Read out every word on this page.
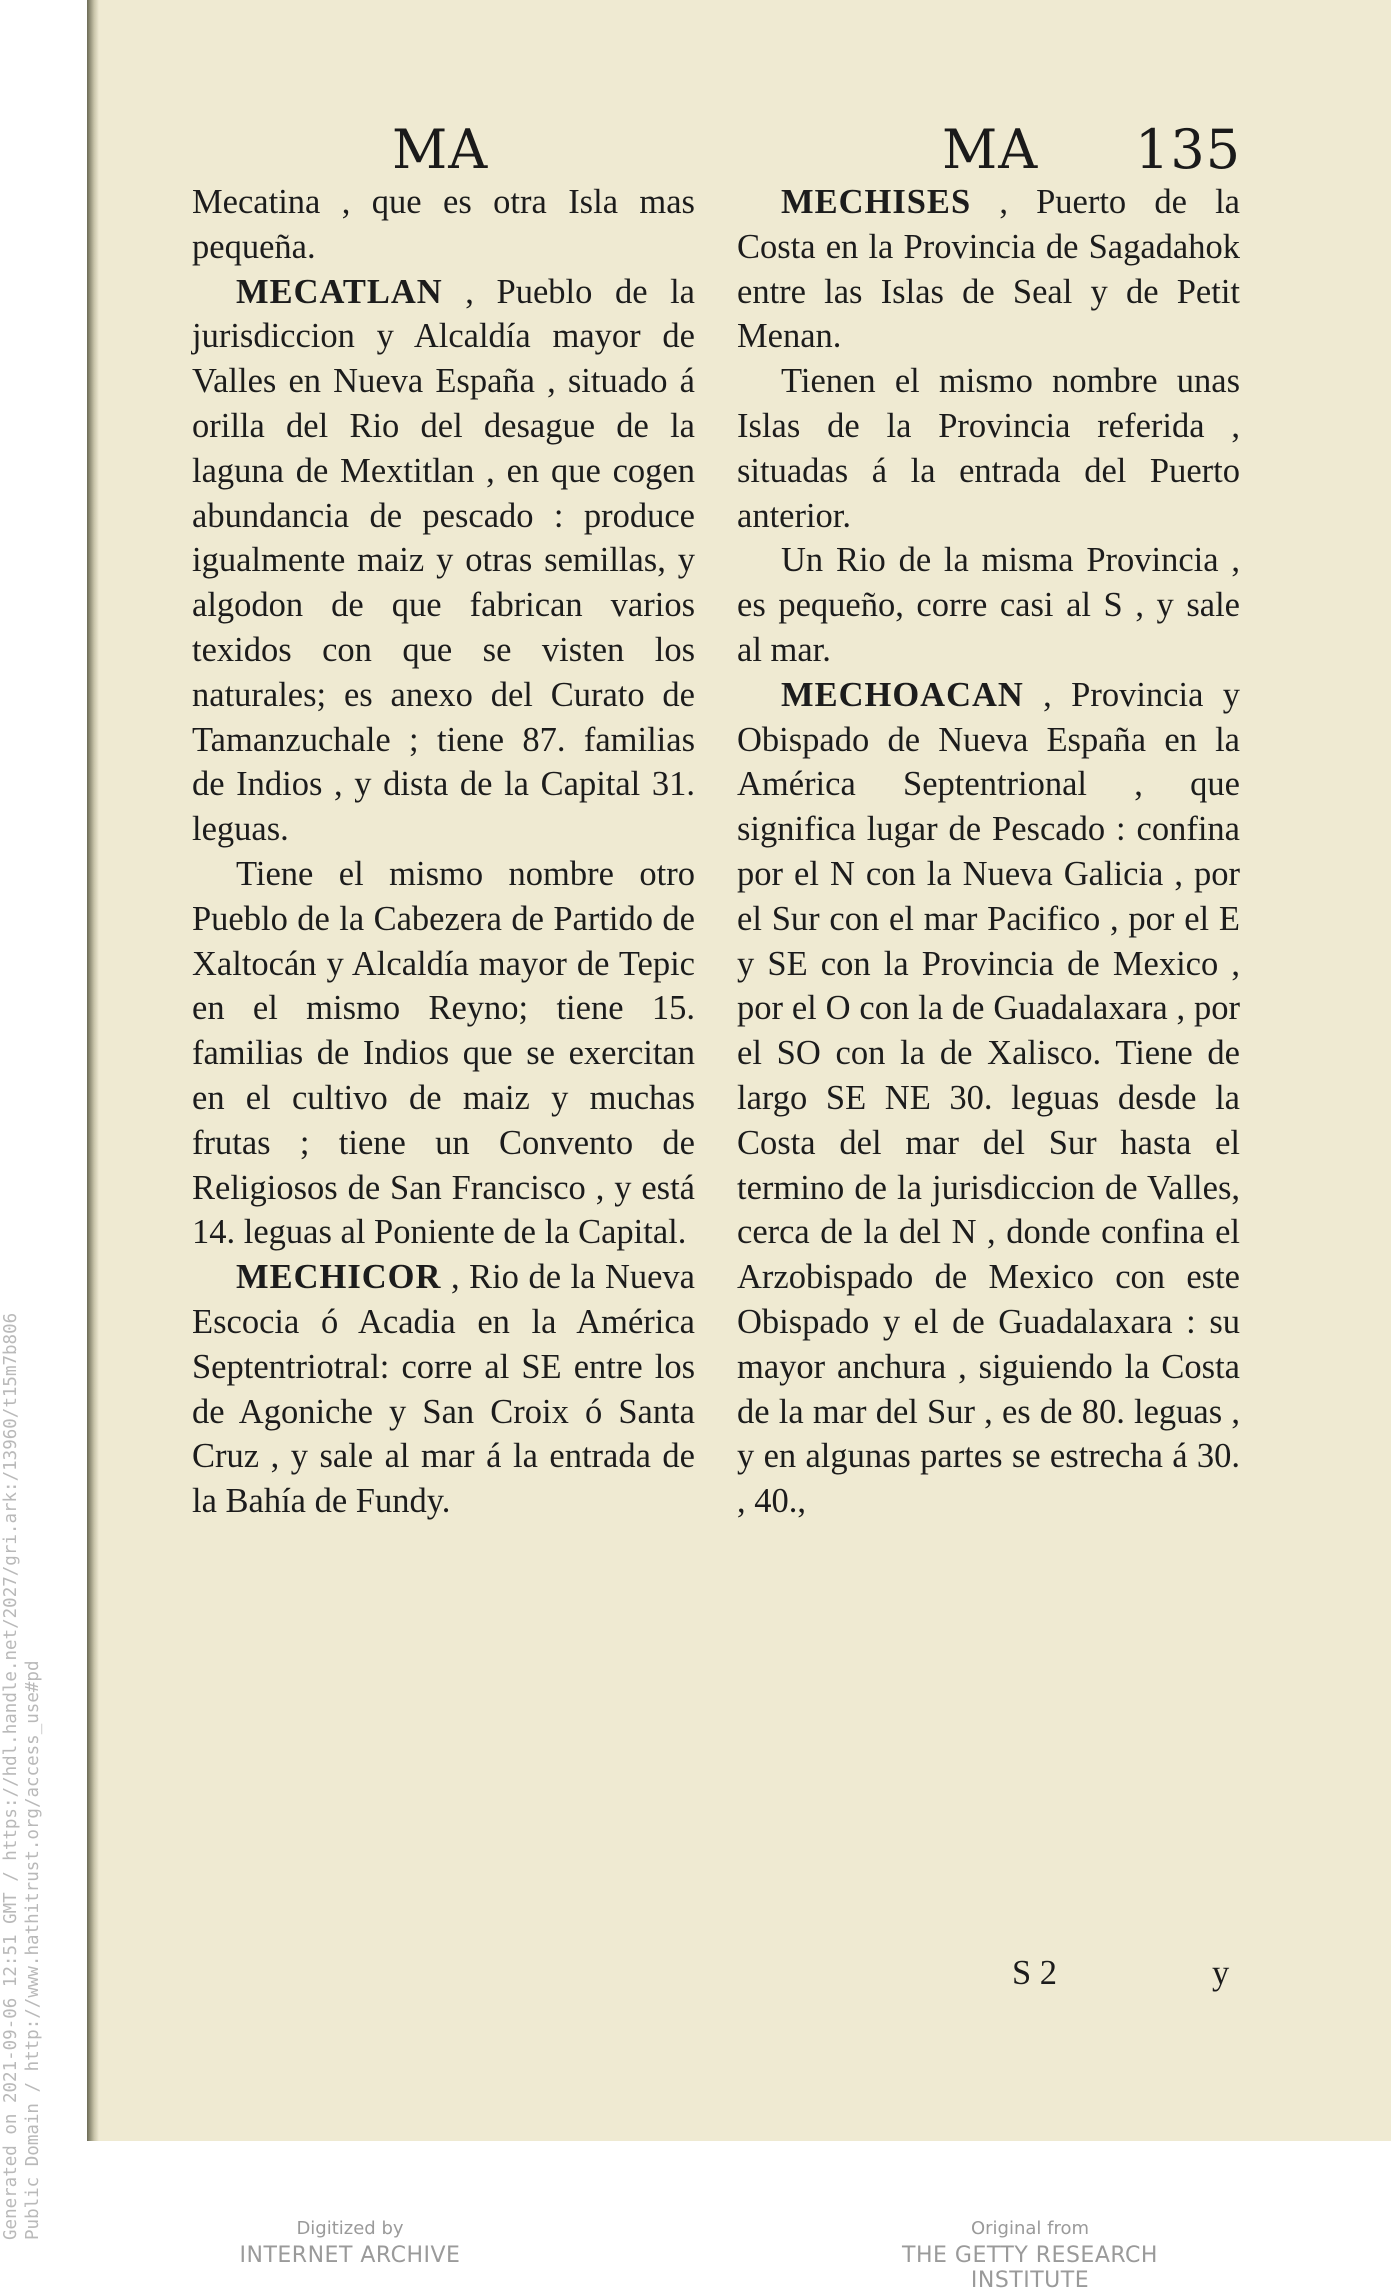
MA	MA 135

Mecatina , que es otra Isla mas pequeña.

MECATLAN , Pueblo de la jurisdiccion y Alcaldía mayor de Valles en Nueva España , situado á orilla del Rio del desague de la laguna de Mextitlan , en que cogen abundancia de pescado : produce igualmente maiz y otras semillas, y algodon de que fabrican varios texidos con que se visten los naturales; es anexo del Curato de Tamanzuchale ; tiene 87. familias de Indios , y dista de la Capital 31. leguas.

Tiene el mismo nombre otro Pueblo de la Cabezera de Partido de Xaltocán y Alcaldía mayor de Tepic en el mismo Reyno; tiene 15. familias de Indios que se exercitan en el cultivo de maiz y muchas frutas ; tiene un Convento de Religiosos de San Francisco , y está 14. leguas al Poniente de la Capital.

MECHICOR , Rio de la Nueva Escocia ó Acadia en la América Septentriotral: corre al SE entre los de Agoniche y San Croix ó Santa Cruz , y sale al mar á la entrada de la Bahía de Fundy.

MECHISES , Puerto de la Costa en la Provincia de Sagadahok entre las Islas de Seal y de Petit Menan.

Tienen el mismo nombre unas Islas de la Provincia referida , situadas á la entrada del Puerto anterior.

Un Rio de la misma Provincia , es pequeño, corre casi al S , y sale al mar.

MECHOACAN , Provincia y Obispado de Nueva España en la América Septentrional , que significa lugar de Pescado : confina por el N con la Nueva Galicia , por el Sur con el mar Pacifico , por el E y SE con la Provincia de Mexico , por el O con la de Guadalaxara , por el SO con la de Xalisco. Tiene de largo SE NE 30. leguas desde la Costa del mar del Sur hasta el termino de la jurisdiccion de Valles, cerca de la del N , donde confina el Arzobispado de Mexico con este Obispado y el de Guadalaxara : su mayor anchura , siguiendo la Costa de la mar del Sur , es de 80. leguas , y en algunas partes se estrecha á 30. , 40.,

S 2	y
Generated on 2021-09-06 12:51 GMT / https://hdl.handle.net/2027/gri.ark:/13960/t15m7b806 Public Domain / http://www.hathitrust.org/access_use#pd	Digitized by
INTERNET ARCHIVE
Original from
THE GETTY RESEARCH INSTITUTE
